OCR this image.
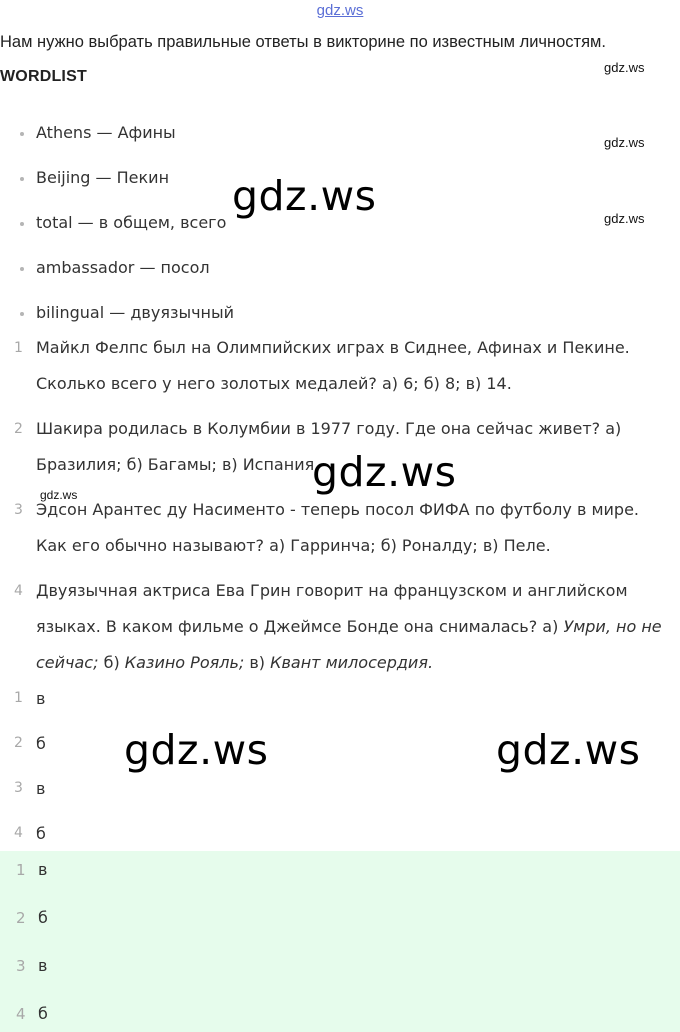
gdz.ws
Нам нужно выбрать правильные ответы в викторине по известным личностям.
WORDLIST
gdz.ws
gdz.ws
gdz.ws
gdz.ws
Athens — Афины
Beijing — Пекин
total — в общем, всего
ambassador — посол
bilingual — двуязычный
1 Майкл Фелпс был на Олимпийских играх в Сиднее, Афинах и Пекине. Сколько всего у него золотых медалей? а) 6; б) 8; в) 14.
2 Шакира родилась в Колумбии в 1977 году. Где она сейчас живет? а) Бразилия; б) Багамы; в) Испания.
3 Эдсон Арантес ду Насименто - теперь посол ФИФА по футболу в мире. Как его обычно называют? а) Гарринча; б) Роналду; в) Пеле.
4 Двуязычная актриса Ева Грин говорит на французском и английском языках. В каком фильме о Джеймсе Бонде она снималась? а) Умри, но не сейчас; б) Казино Рояль; в) Квант милосердия.
1 в
2 б
3 в
4 б
1 в
2 б
3 в
4 б
gdz.ws
gdz.ws
gdz.ws	gdz.ws
